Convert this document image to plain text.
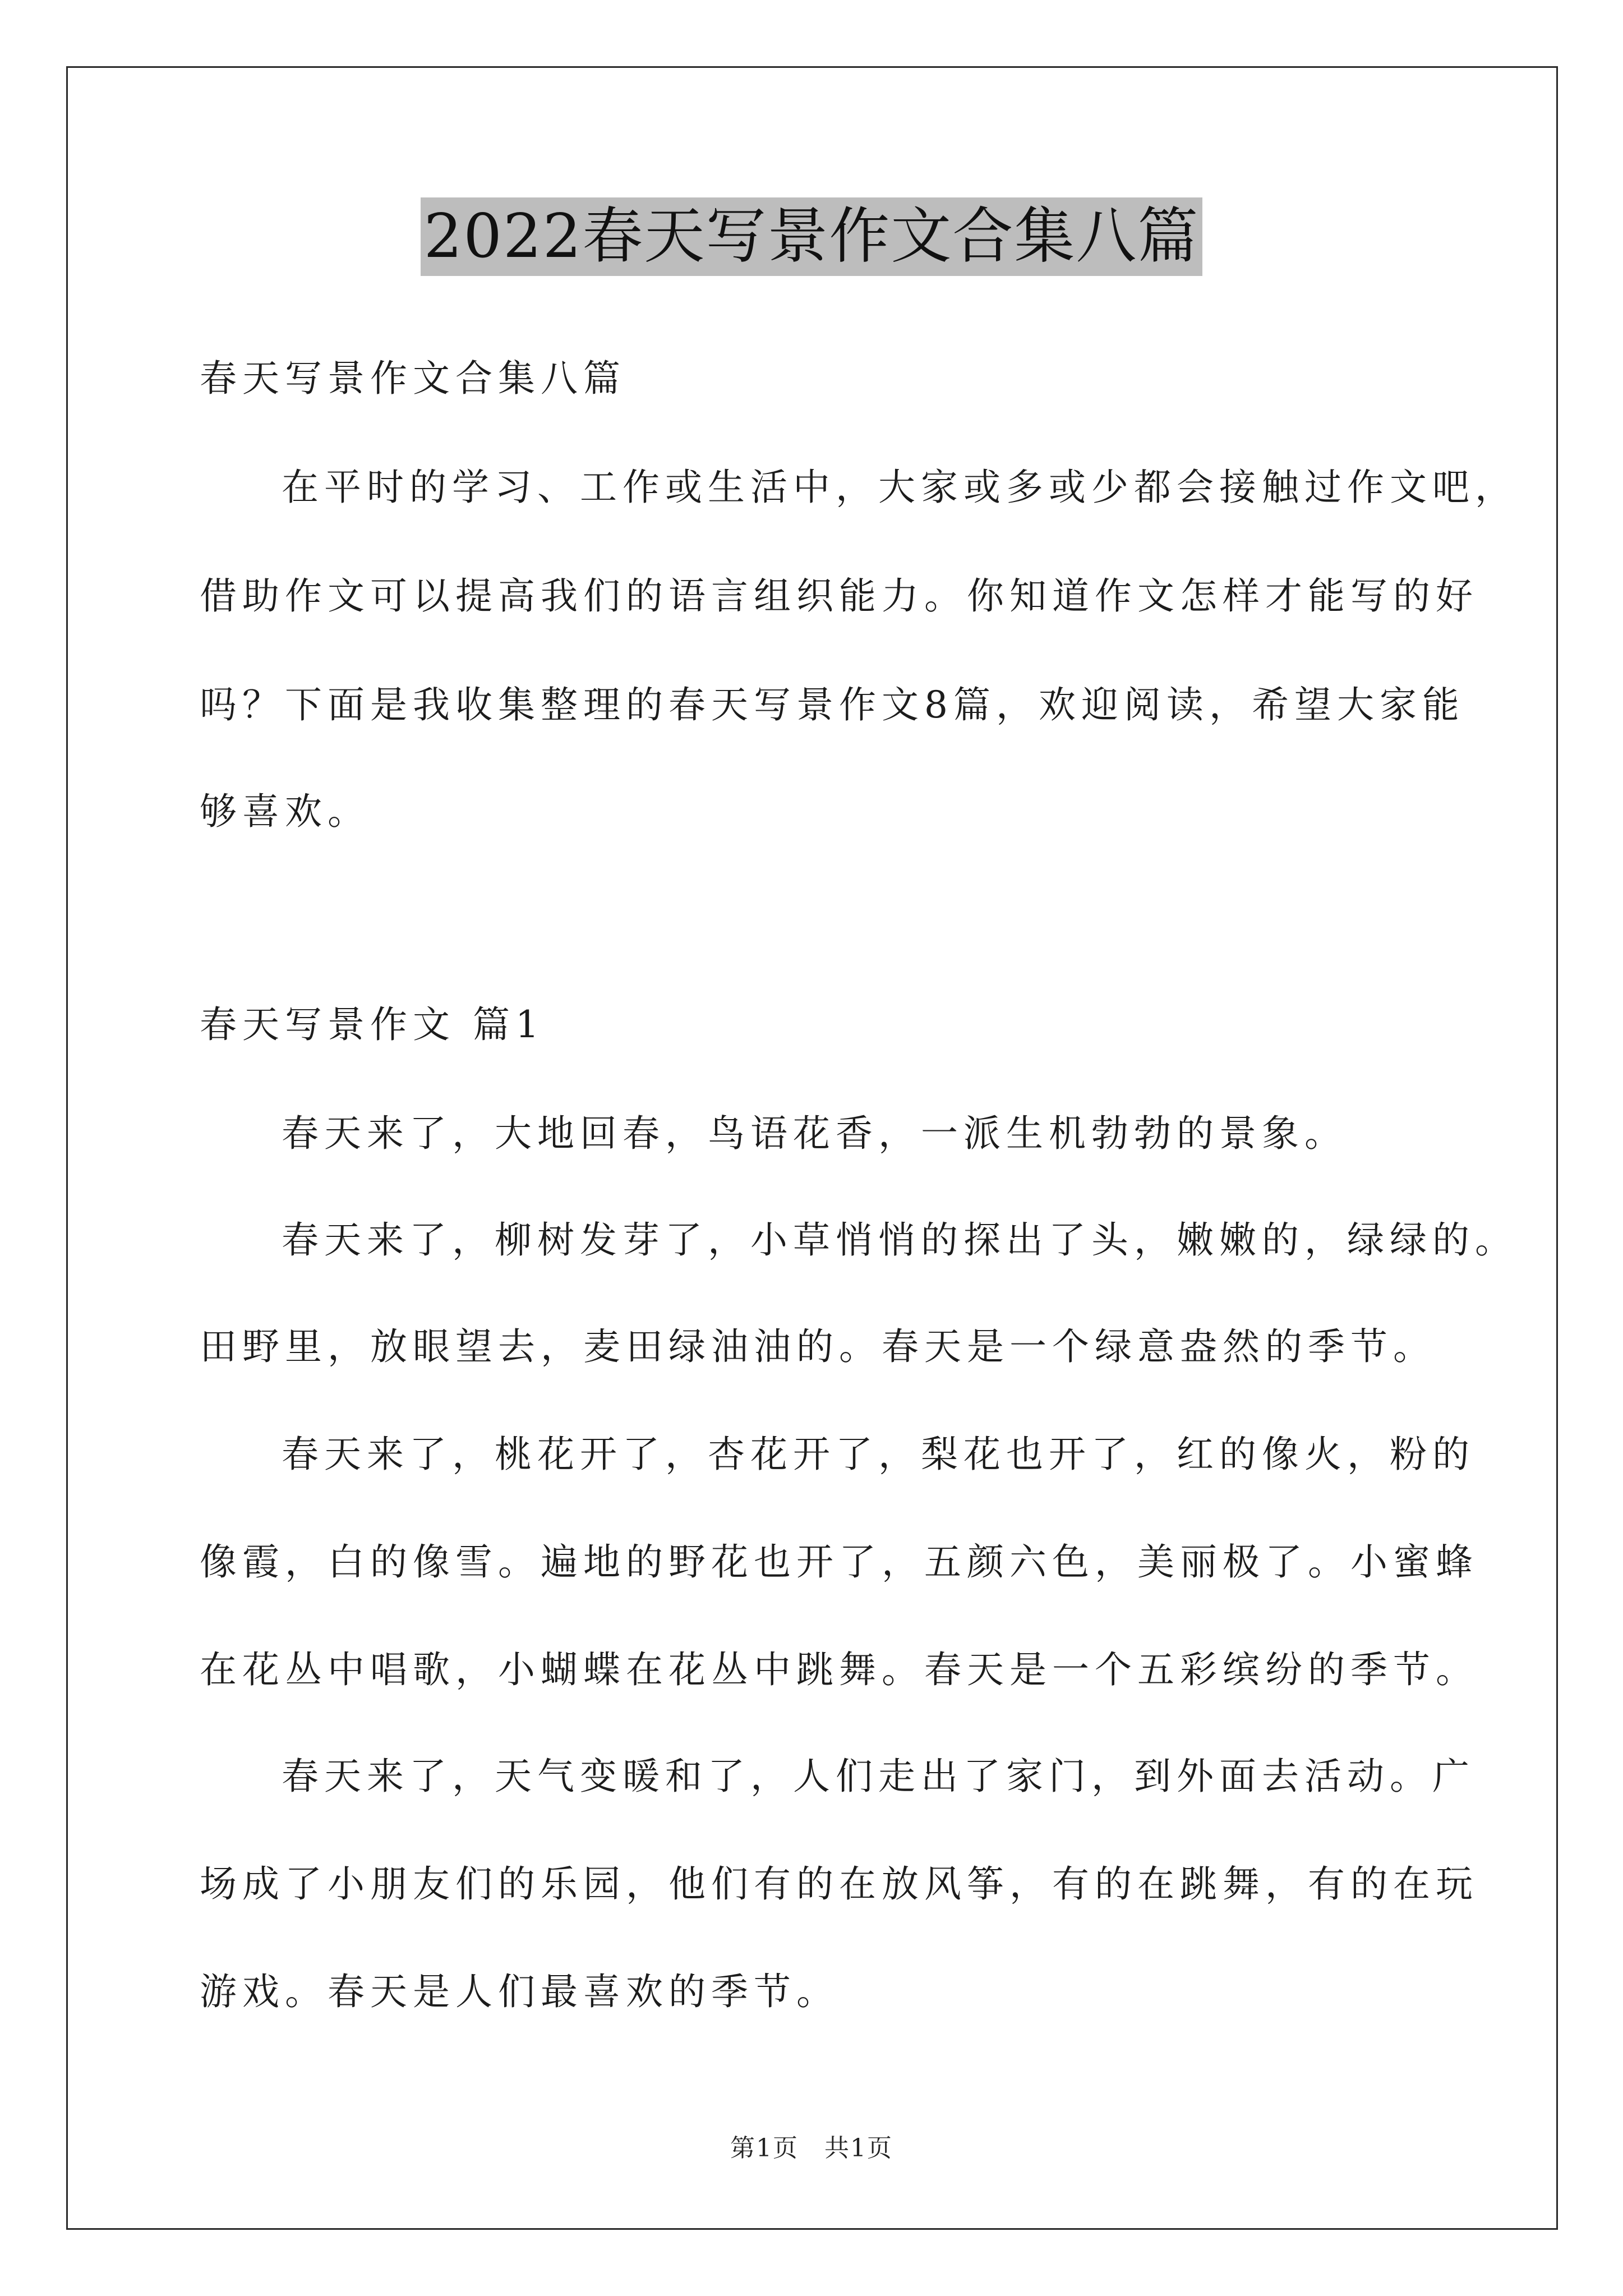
2022春天写景作文合集八篇
春天写景作文合集八篇
在平时的学习、工作或生活中，大家或多或少都会接触过作文吧，
借助作文可以提高我们的语言组织能力。你知道作文怎样才能写的好
吗？下面是我收集整理的春天写景作文8篇，欢迎阅读，希望大家能
够喜欢。
春天写景作文 篇1
春天来了，大地回春，鸟语花香，一派生机勃勃的景象。
春天来了，柳树发芽了，小草悄悄的探出了头，嫩嫩的，绿绿的。
田野里，放眼望去，麦田绿油油的。春天是一个绿意盎然的季节。
春天来了，桃花开了，杏花开了，梨花也开了，红的像火，粉的
像霞，白的像雪。遍地的野花也开了，五颜六色，美丽极了。小蜜蜂
在花丛中唱歌，小蝴蝶在花丛中跳舞。春天是一个五彩缤纷的季节。
春天来了，天气变暖和了，人们走出了家门，到外面去活动。广
场成了小朋友们的乐园，他们有的在放风筝，有的在跳舞，有的在玩
游戏。春天是人们最喜欢的季节。
第1页　共1页
